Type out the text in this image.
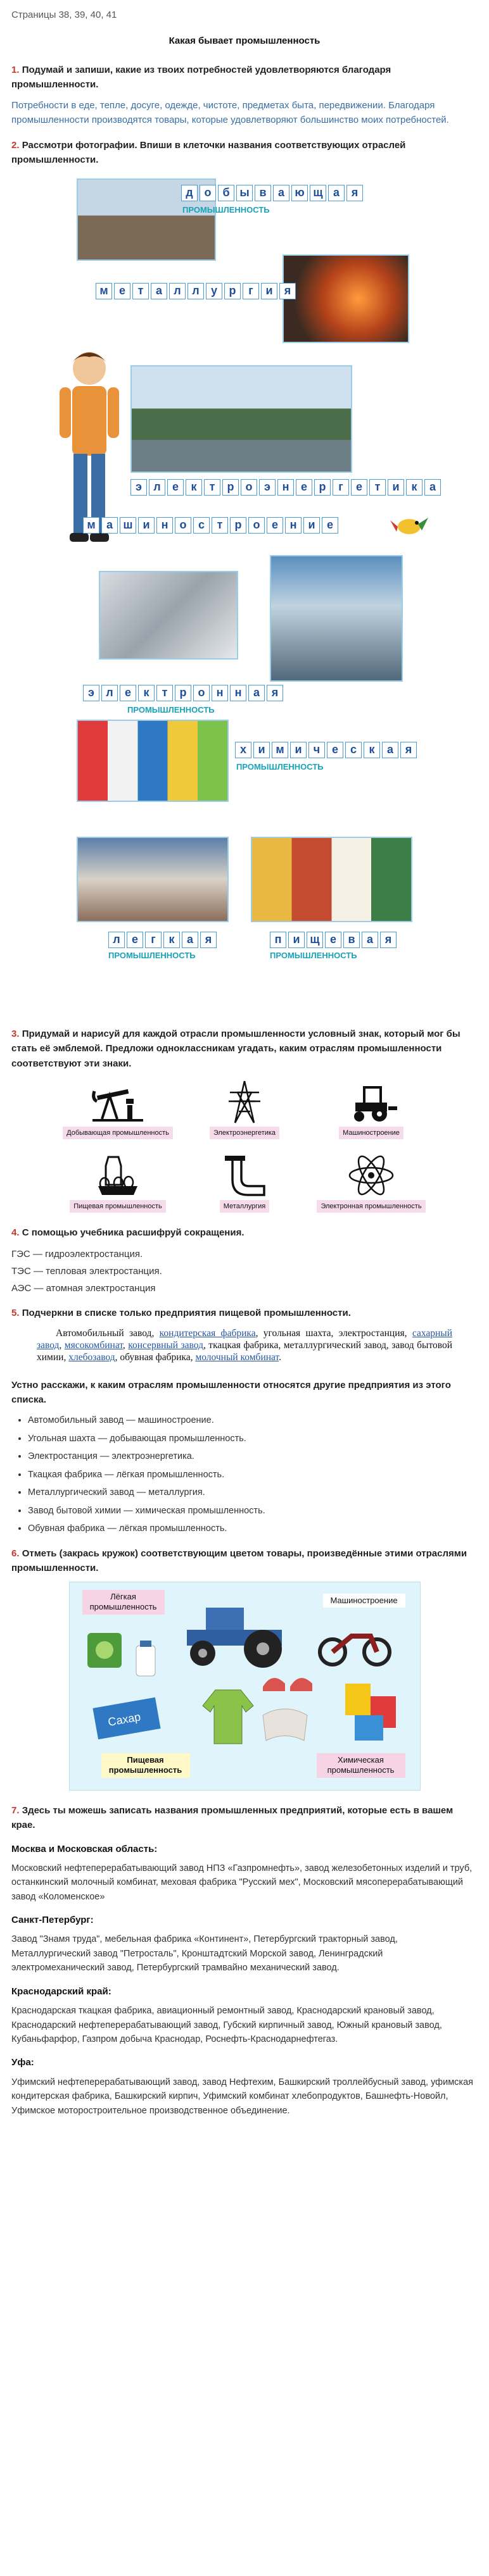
Страницы 38, 39, 40, 41
Какая бывает промышленность
1. Подумай и запиши, какие из твоих потребностей удовлетворяются благодаря промышленности.

Потребности в еде, тепле, досуге, одежде, чистоте, предметах быта, передвижении. Благодаря промышленности производятся товары, которые удовлетворяют большинство моих потребностей.

2. Рассмотри фотографии. Впиши в клеточки названия соответствующих отраслей промышленности.
д о б ы в	а ю щ а	я
ПРОМЫШЛЕННОСТЬ
м е	т	а	л л	у	р	г	и	я
э	л	е	к	т	р	о	э	н	е	р	г	е	т	и	к	а
м а ш и	н	о	с	т	р	о	е	н	и	е
э	л	е	к	т	р	о	н	н	а	я
ПРОМЫШЛЕННОСТЬ
х	и м и	ч	е	с	к	а	я
ПРОМЫШЛЕННОСТЬ
л	е	г	к	а	я
ПРОМЫШЛЕННОСТЬ
п	и щ е	в	а	я
ПРОМЫШЛЕННОСТЬ
3. Придумай и нарисуй для каждой отрасли промышленности условный знак, который мог бы стать её эмблемой. Предложи одноклассникам угадать, каким отраслям промышленности соответствуют эти знаки.
Добывающая промышленность	Электроэнергетика	Машиностроение
Пищевая промышленность	Металлургия	Электронная промышленность
4. С помощью учебника расшифруй сокращения.

ГЭС — гидроэлектростанция.

ТЭС — тепловая электростанция.

АЭС — атомная электростанция

5. Подчеркни в списке только предприятия пищевой промышленности.
Автомобильный завод, кондитерская фабрика, угольная шахта, электростанция, сахарный завод, мясокомбинат, консервный завод, ткацкая фабрика, металлургический завод, завод бытовой химии, хлебозавод, обувная фабрика, молочный комбинат.
Устно расскажи, к каким отраслям промышленности относятся другие предприятия из этого списка.
• Автомобильный завод — машиностроение.
• Угольная шахта — добывающая промышленность.
• Электростанция — электроэнергетика.
• Ткацкая фабрика — лёгкая промышленность.
• Металлургический завод — металлургия.
• Завод бытовой химии — химическая промышленность.
• Обувная фабрика — лёгкая промышленность.
6. Отметь (закрась кружок) соответствующим цветом товары, произведённые этими отраслями промышленности.
Лёгкая промышленность
Машиностроение
Пищевая промышленность
Химическая промышленность
Сахар
7. Здесь ты можешь записать названия промышленных предприятий, которые есть в вашем крае.
Москва и Московская область:

Московский нефтеперерабатывающий завод НПЗ «Газпромнефть», завод железобетонных изделий и труб, останкинский молочный комбинат, меховая фабрика "Русский мех", Московский мясоперерабатывающий завод «Коломенское»

Санкт-Петербург:

Завод "Знамя труда", мебельная фабрика «Континент», Петербургский тракторный завод, Металлургический завод "Петросталь", Кронштадтский Морской завод, Ленинградский электромеханический завод, Петербургский трамвайно механический завод.

Краснодарский край:

Краснодарская ткацкая фабрика, авиационный ремонтный завод, Краснодарский крановый завод, Краснодарский нефтеперерабатывающий завод, Губский кирпичный завод, Южный крановый завод, Кубаньфарфор, Газпром добыча Краснодар, Роснефть-Краснодарнефтегаз.

Уфа:

Уфимский нефтеперерабатывающий завод, завод Нефтехим, Башкирский троллейбусный завод, уфимская кондитерская фабрика, Башкирский кирпич, Уфимский комбинат хлебопродуктов, Башнефть-Новойл, Уфимское моторостроительное производственное объединение.
